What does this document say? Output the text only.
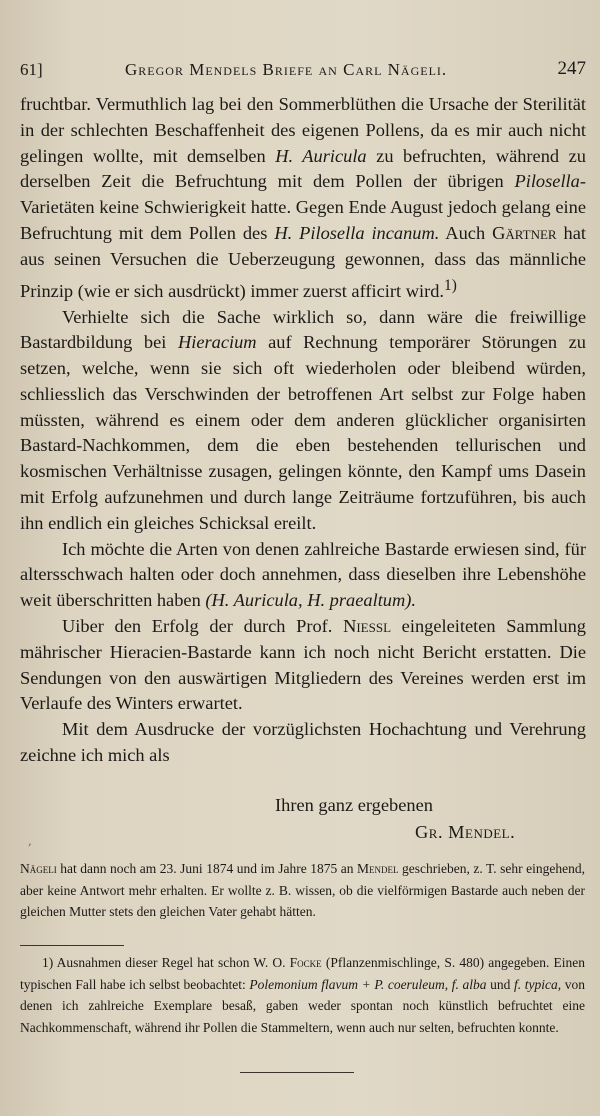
61]	Gregor Mendels Briefe an Carl Nägeli.	247

fruchtbar. Vermuthlich lag bei den Sommerblüthen die Ursache der Sterilität in der schlechten Beschaffenheit des eigenen Pollens, da es mir auch nicht gelingen wollte, mit demselben H. Auricula zu befruchten, während zu derselben Zeit die Befruchtung mit dem Pollen der übrigen Pilosella-Varietäten keine Schwierigkeit hatte. Gegen Ende August jedoch gelang eine Befruchtung mit dem Pollen des H. Pilosella incanum. Auch Gärtner hat aus seinen Versuchen die Ueberzeugung gewonnen, dass das männliche Prinzip (wie er sich ausdrückt) immer zuerst afficirt wird.$^{1)}$

Verhielte sich die Sache wirklich so, dann wäre die freiwillige Bastardbildung bei Hieracium auf Rechnung temporärer Störungen zu setzen, welche, wenn sie sich oft wiederholen oder bleibend würden, schliesslich das Verschwinden der betroffenen Art selbst zur Folge haben müssten, während es einem oder dem anderen glücklicher organisirten Bastard-Nachkommen, dem die eben bestehenden tellurischen und kosmischen Verhältnisse zusagen, gelingen könnte, den Kampf ums Dasein mit Erfolg aufzunehmen und durch lange Zeiträume fortzuführen, bis auch ihn endlich ein gleiches Schicksal ereilt.

Ich möchte die Arten von denen zahlreiche Bastarde erwiesen sind, für altersschwach halten oder doch annehmen, dass dieselben ihre Lebenshöhe weit überschritten haben (H. Auricula, H. praealtum).

Uiber den Erfolg der durch Prof. Niessl eingeleiteten Sammlung mährischer Hieracien-Bastarde kann ich noch nicht Bericht erstatten. Die Sendungen von den auswärtigen Mitgliedern des Vereines werden erst im Verlaufe des Winters erwartet.

Mit dem Ausdrucke der vorzüglichsten Hochachtung und Verehrung zeichne ich mich als

Ihren ganz ergebenen
Gr. Mendel.
,

Nägeli hat dann noch am 23. Juni 1874 und im Jahre 1875 an Mendel geschrieben, z. T. sehr eingehend, aber keine Antwort mehr erhalten. Er wollte z. B. wissen, ob die vielförmigen Bastarde auch neben der gleichen Mutter stets den gleichen Vater gehabt hätten.

1) Ausnahmen dieser Regel hat schon W. O. Focke (Pflanzenmischlinge, S. 480) angegeben. Einen typischen Fall habe ich selbst beobachtet: Polemonium flavum + P. coeruleum, f. alba und f. typica, von denen ich zahlreiche Exemplare besaß, gaben weder spontan noch künstlich befruchtet eine Nachkommenschaft, während ihr Pollen die Stammeltern, wenn auch nur selten, befruchten konnte.
